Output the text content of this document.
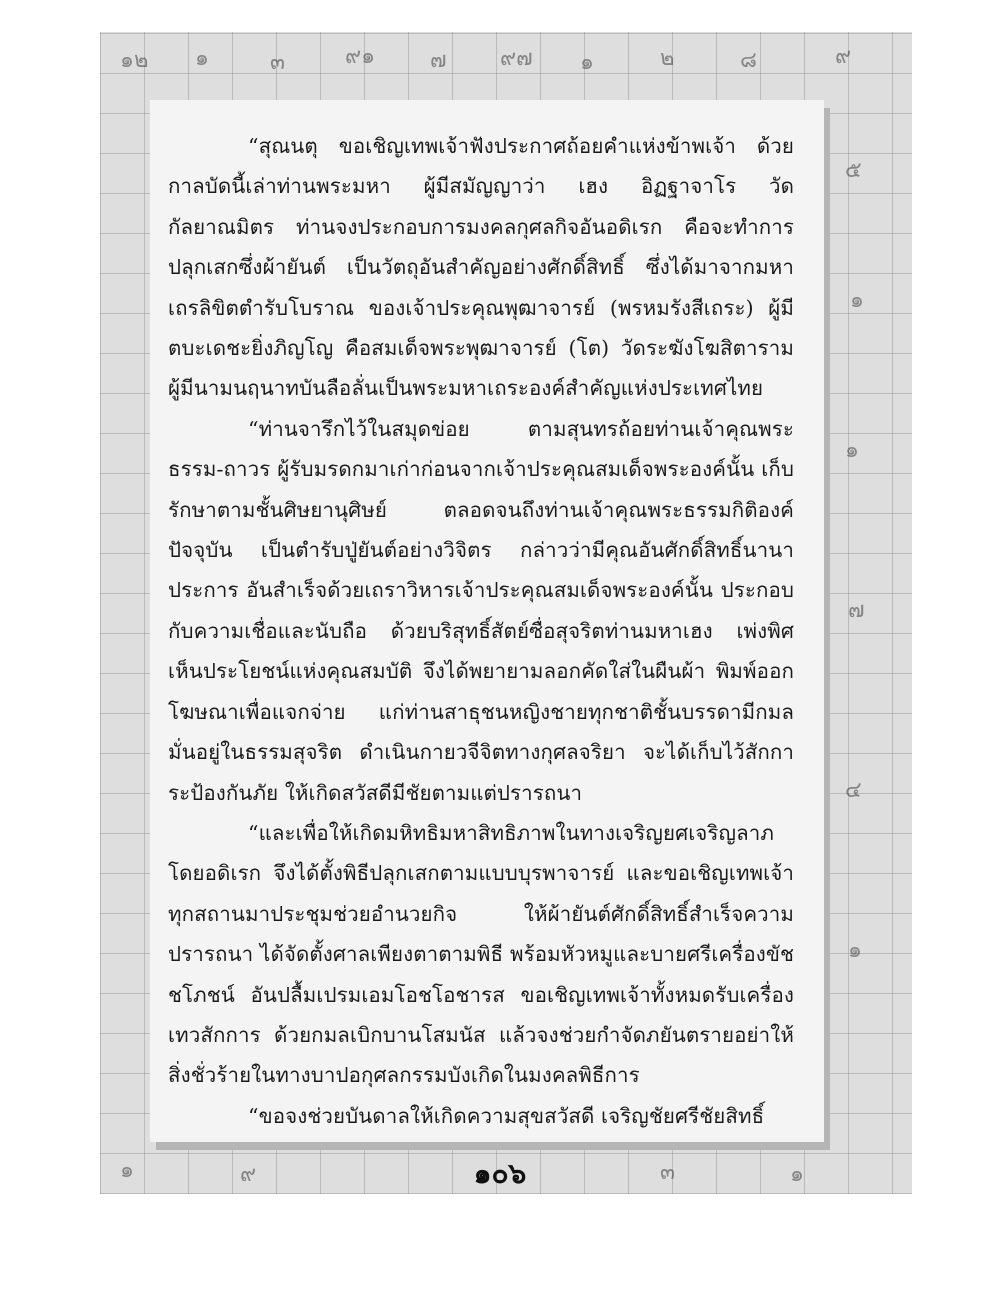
๑๒ ๑	๓	๙๑ ๗ ๙๗ ๑	๒	๘	๙
๕
๑
๑
๗
๔
๑
๑	๙	๓	๑

“สุณนตุ ขอเชิญเทพเจ้าฟังประกาศถ้อยคำแห่งข้าพเจ้า ด้วยกาลบัดนี้เล่าท่านพระมหา ผู้มีสมัญญาว่า เฮง อิฏฐาจาโร วัดกัลยาณมิตร ท่านจงประกอบการมงคลกุศลกิจอันอดิเรก คือจะทำการปลุกเสกซึ่งผ้ายันต์ เป็นวัตถุอันสำคัญอย่างศักดิ์สิทธิ์ ซึ่งได้มาจากมหาเถรลิขิตตำรับโบราณ ของเจ้าประคุณพุฒาจารย์ (พรหมรังสีเถระ) ผู้มีตบะเดชะยิ่งภิญโญ คือสมเด็จพระพุฒาจารย์ (โต) วัดระฆังโฆสิตาราม ผู้มีนามนฤนาทบันลือลั่นเป็นพระมหาเถระองค์สำคัญแห่งประเทศไทย

“ท่านจารึกไว้ในสมุดข่อย ตามสุนทรถ้อยท่านเจ้าคุณพระธรรม-ถาวร ผู้รับมรดกมาเก่าก่อนจากเจ้าประคุณสมเด็จพระองค์นั้น เก็บรักษาตามชั้นศิษยานุศิษย์ ตลอดจนถึงท่านเจ้าคุณพระธรรมกิติองค์ปัจจุบัน เป็นตำรับปู่ยันต์อย่างวิจิตร กล่าวว่ามีคุณอันศักดิ์สิทธิ์นานาประการ อันสำเร็จด้วยเถราวิหารเจ้าประคุณสมเด็จพระองค์นั้น ประกอบกับความเชื่อและนับถือ ด้วยบริสุทธิ์สัตย์ซื่อสุจริตท่านมหาเฮง เพ่งพิศเห็นประโยชน์แห่งคุณสมบัติ จึงได้พยายามลอกคัดใส่ในผืนผ้า พิมพ์ออกโฆษณาเพื่อแจกจ่าย แก่ท่านสาธุชนหญิงชายทุกชาติชั้นบรรดามีกมลมั่นอยู่ในธรรมสุจริต ดำเนินกายวจีจิตทางกุศลจริยา จะได้เก็บไว้สักการะป้องกันภัย ให้เกิดสวัสดีมีชัยตามแต่ปรารถนา

“และเพื่อให้เกิดมหิทธิมหาสิทธิภาพในทางเจริญยศเจริญลาภโดยอดิเรก จึงได้ตั้งพิธีปลุกเสกตามแบบบุรพาจารย์ และขอเชิญเทพเจ้าทุกสถานมาประชุมช่วยอำนวยกิจ ให้ผ้ายันต์ศักดิ์สิทธิ์สำเร็จความปรารถนา ได้จัดตั้งศาลเพียงตาตามพิธี พร้อมหัวหมูและบายศรีเครื่องขัชชโภชน์ อันปลื้มเปรมเอมโอชโอชารส ขอเชิญเทพเจ้าทั้งหมดรับเครื่องเทวสักการ ด้วยกมลเบิกบานโสมนัส แล้วจงช่วยกำจัดภยันตรายอย่าให้สิ่งชั่วร้ายในทางบาปอกุศลกรรมบังเกิดในมงคลพิธีการ

“ขอจงช่วยบันดาลให้เกิดความสุขสวัสดี เจริญชัยศรีชัยสิทธิ์

๑๐๖
